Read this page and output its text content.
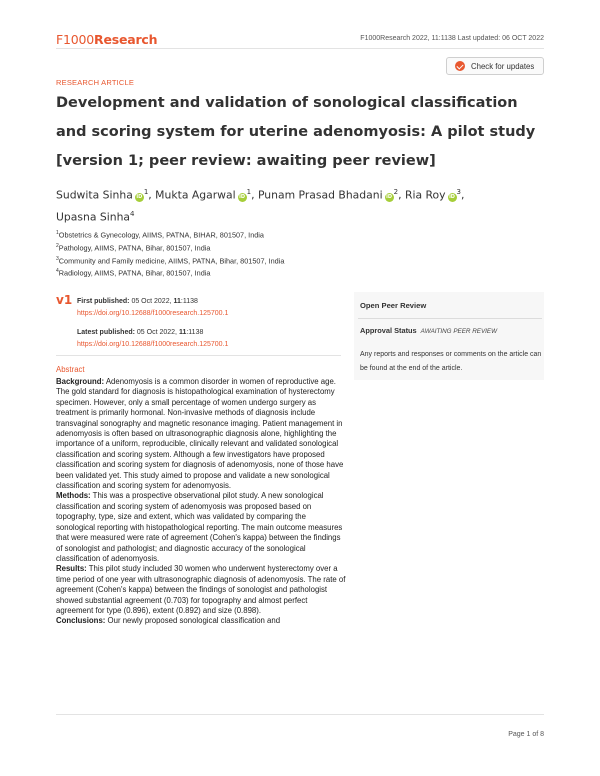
F1000Research	F1000Research 2022, 11:1138 Last updated: 06 OCT 2022
RESEARCH ARTICLE
Check for updates
Development and validation of sonological classification and scoring system for uterine adenomyosis: A pilot study [version 1; peer review: awaiting peer review]
Sudwita Sinha $iD^1$, Mukta Agarwal $iD^1$, Punam Prasad Bhadani $iD^2$, Ria Roy $iD^3$,
Upasna Sinha$^4$
$^1$Obstetrics & Gynecology, AIIMS, PATNA, BIHAR, 801507, India
$^2$Pathology, AIIMS, PATNA, Bihar, 801507, India
$^3$Community and Family medicine, AIIMS, PATNA, Bihar, 801507, India
$^4$Radiology, AIIMS, PATNA, Bihar, 801507, India
v1 First published: 05 Oct 2022, 11:1138
https://doi.org/10.12688/f1000research.125700.1
Latest published: 05 Oct 2022, 11:1138
https://doi.org/10.12688/f1000research.125700.1
Open Peer Review
Approval Status AWAITING PEER REVIEW
Any reports and responses or comments on the article can be found at the end of the article.
Abstract

Background: Adenomyosis is a common disorder in women of reproductive age. The gold standard for diagnosis is histopathological examination of hysterectomy specimen. However, only a small percentage of women undergo surgery as treatment is primarily hormonal. Non-invasive methods of diagnosis include transvaginal sonography and magnetic resonance imaging. Patient management in adenomyosis is often based on ultrasonographic diagnosis alone, highlighting the importance of a uniform, reproducible, clinically relevant and validated sonological classification and scoring system. Although a few investigators have proposed classification and scoring system for diagnosis of adenomyosis, none of those have been validated yet. This study aimed to propose and validate a new sonological classification and scoring system for adenomyosis.

Methods: This was a prospective observational pilot study. A new sonological classification and scoring system of adenomyosis was proposed based on topography, type, size and extent, which was validated by comparing the sonological reporting with histopathological reporting. The main outcome measures that were measured were rate of agreement (Cohen's kappa) between the findings of sonologist and pathologist; and diagnostic accuracy of the sonological classification of adenomyosis.

Results: This pilot study included 30 women who underwent hysterectomy over a time period of one year with ultrasonographic diagnosis of adenomyosis. The rate of agreement (Cohen's kappa) between the findings of sonologist and pathologist showed substantial agreement (0.703) for topography and almost perfect agreement for type (0.896), extent (0.892) and size (0.898).

Conclusions: Our newly proposed sonological classification and

Page 1 of 8
